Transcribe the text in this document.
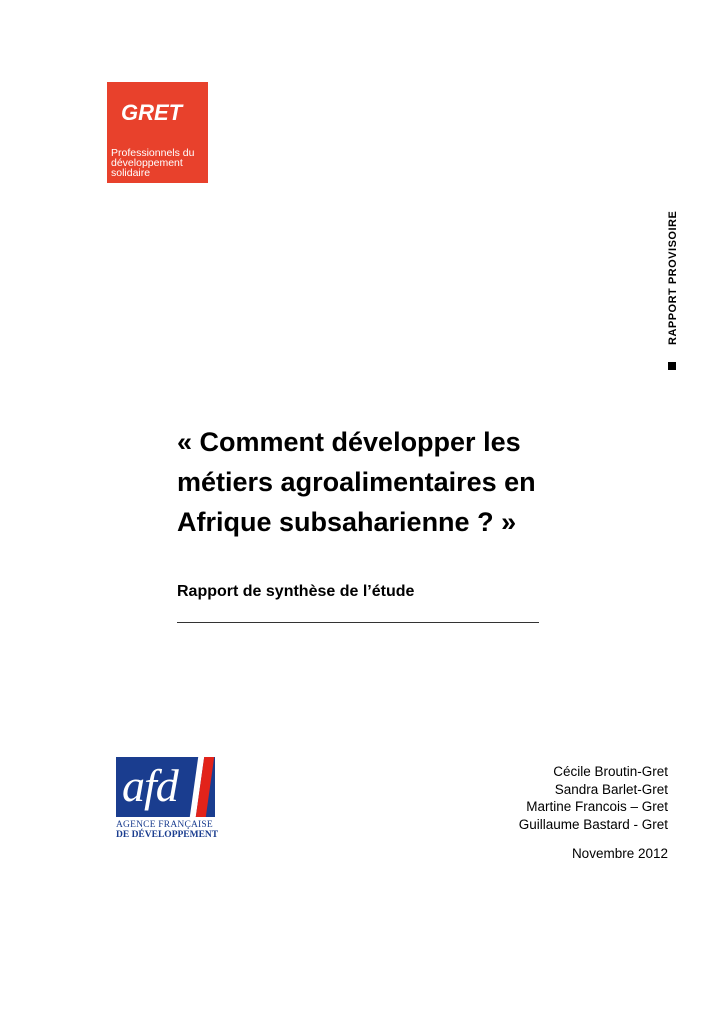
GRET
Professionnels du
développement
solidaire
RAPPORT PROVISOIRE
« Comment développer les
métiers agroalimentaires en
Afrique subsaharienne ? »
Rapport de synthèse de l’étude
afd
AGENCE FRANÇAISE
DE DÉVELOPPEMENT
Cécile Broutin-Gret
Sandra Barlet-Gret
Martine Francois – Gret
Guillaume Bastard - Gret
Novembre 2012
